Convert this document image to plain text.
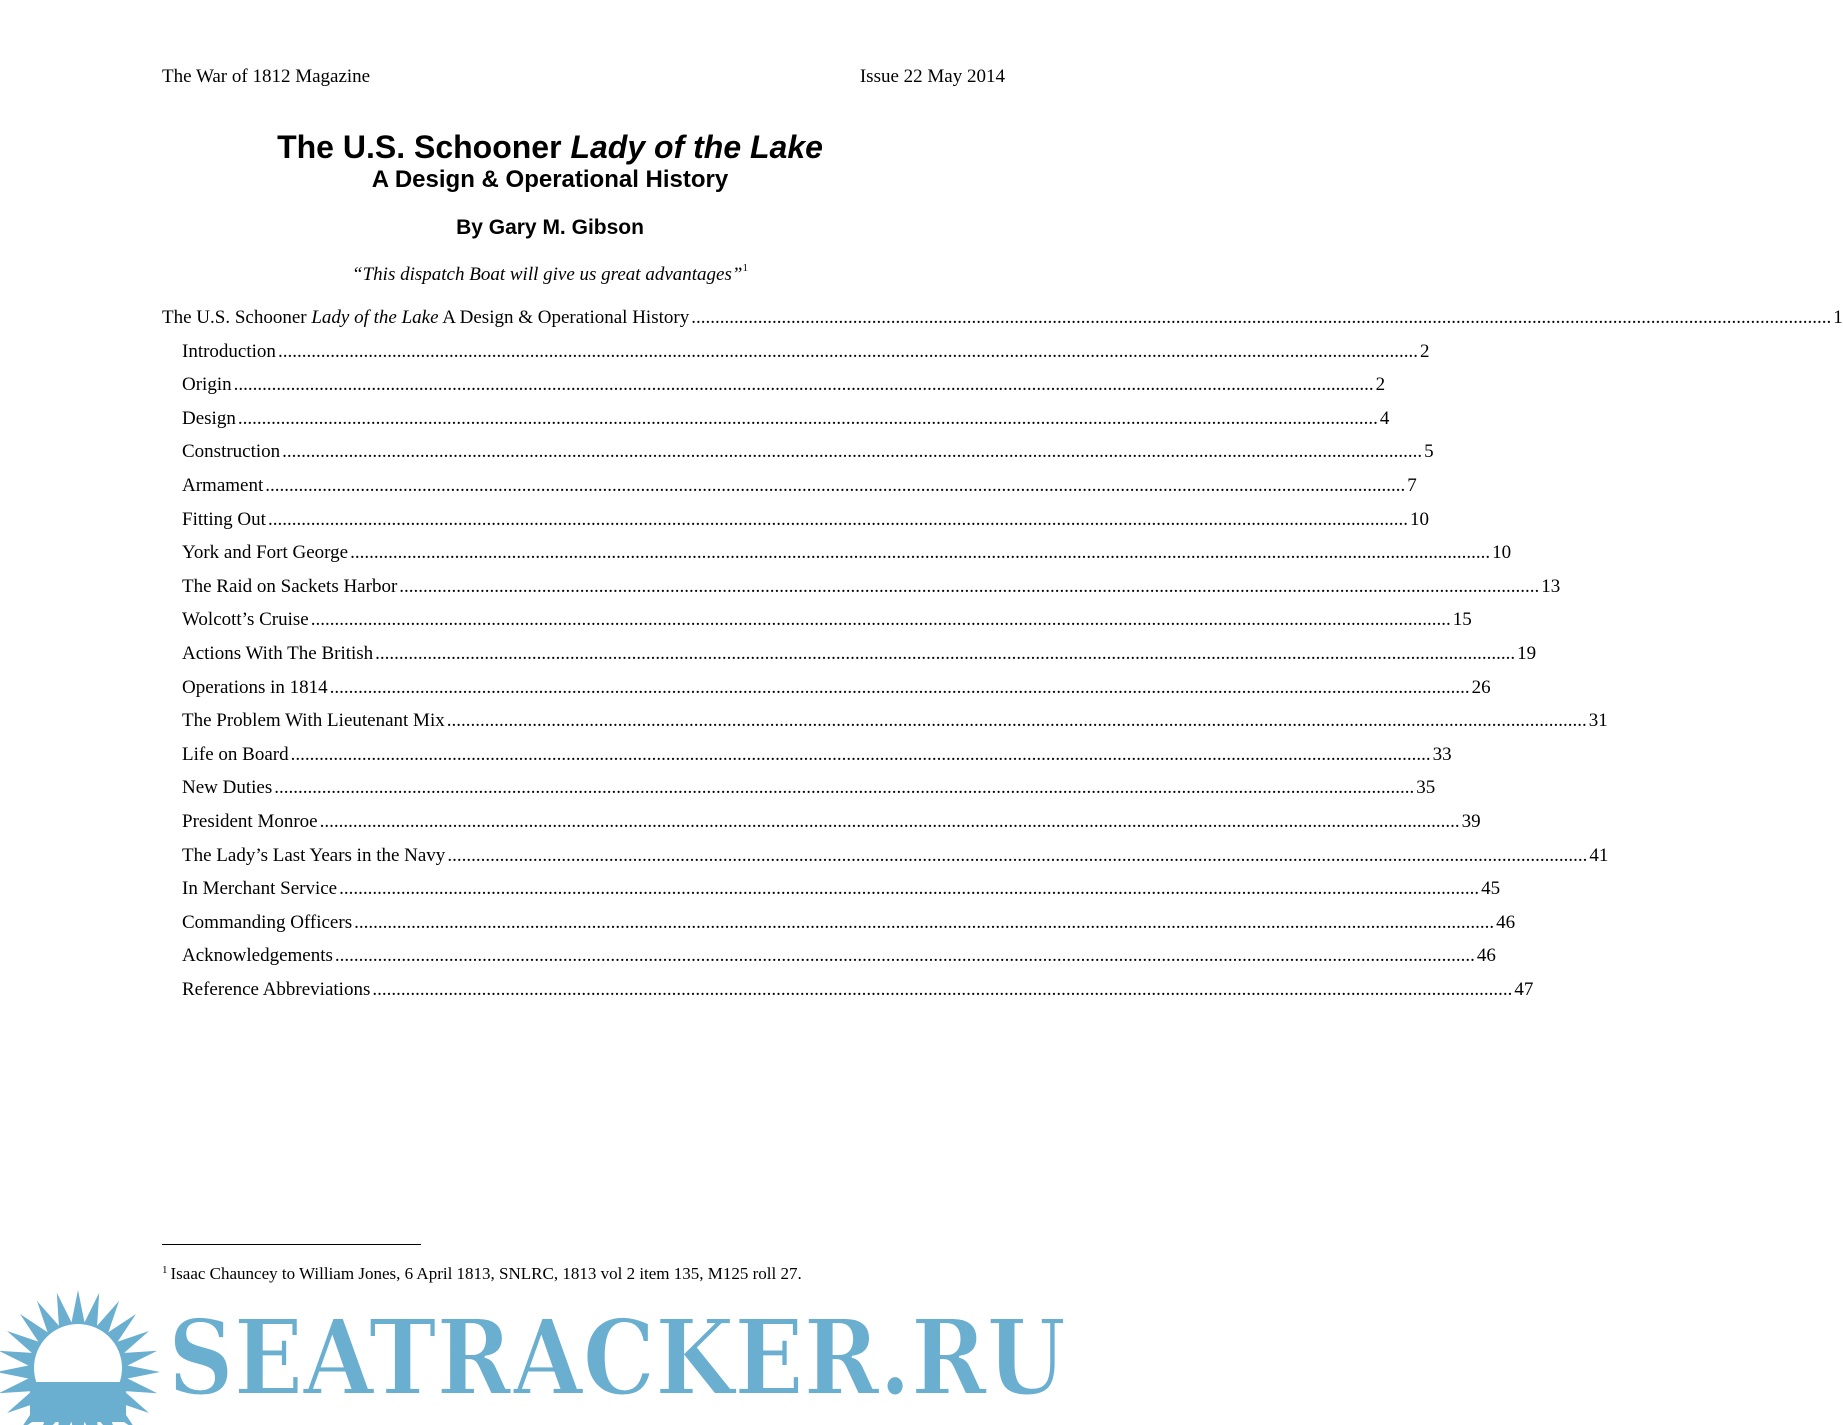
The War of 1812 Magazine	Issue 22 May 2014
The U.S. Schooner Lady of the Lake
A Design & Operational History
By Gary M. Gibson
“This dispatch Boat will give us great advantages”$^1$
The U.S. Schooner Lady of the Lake A Design & Operational History .....	1
Introduction .....	2
Origin .....	2
Design .....	4
Construction .....	5
Armament .....	7
Fitting Out .....	10
York and Fort George .....	10
The Raid on Sackets Harbor .....	13
Wolcott’s Cruise .....	15
Actions With The British .....	19
Operations in 1814 .....	26
The Problem With Lieutenant Mix .....	31
Life on Board .....	33
New Duties .....	35
President Monroe .....	39
The Lady’s Last Years in the Navy .....	41
In Merchant Service .....	45
Commanding Officers .....	46
Acknowledgements .....	46
Reference Abbreviations .....	47
$^1$ Isaac Chauncey to William Jones, 6 April 1813, SNLRC, 1813 vol 2 item 135, M125 roll 27.
SEATRACKER.RU
